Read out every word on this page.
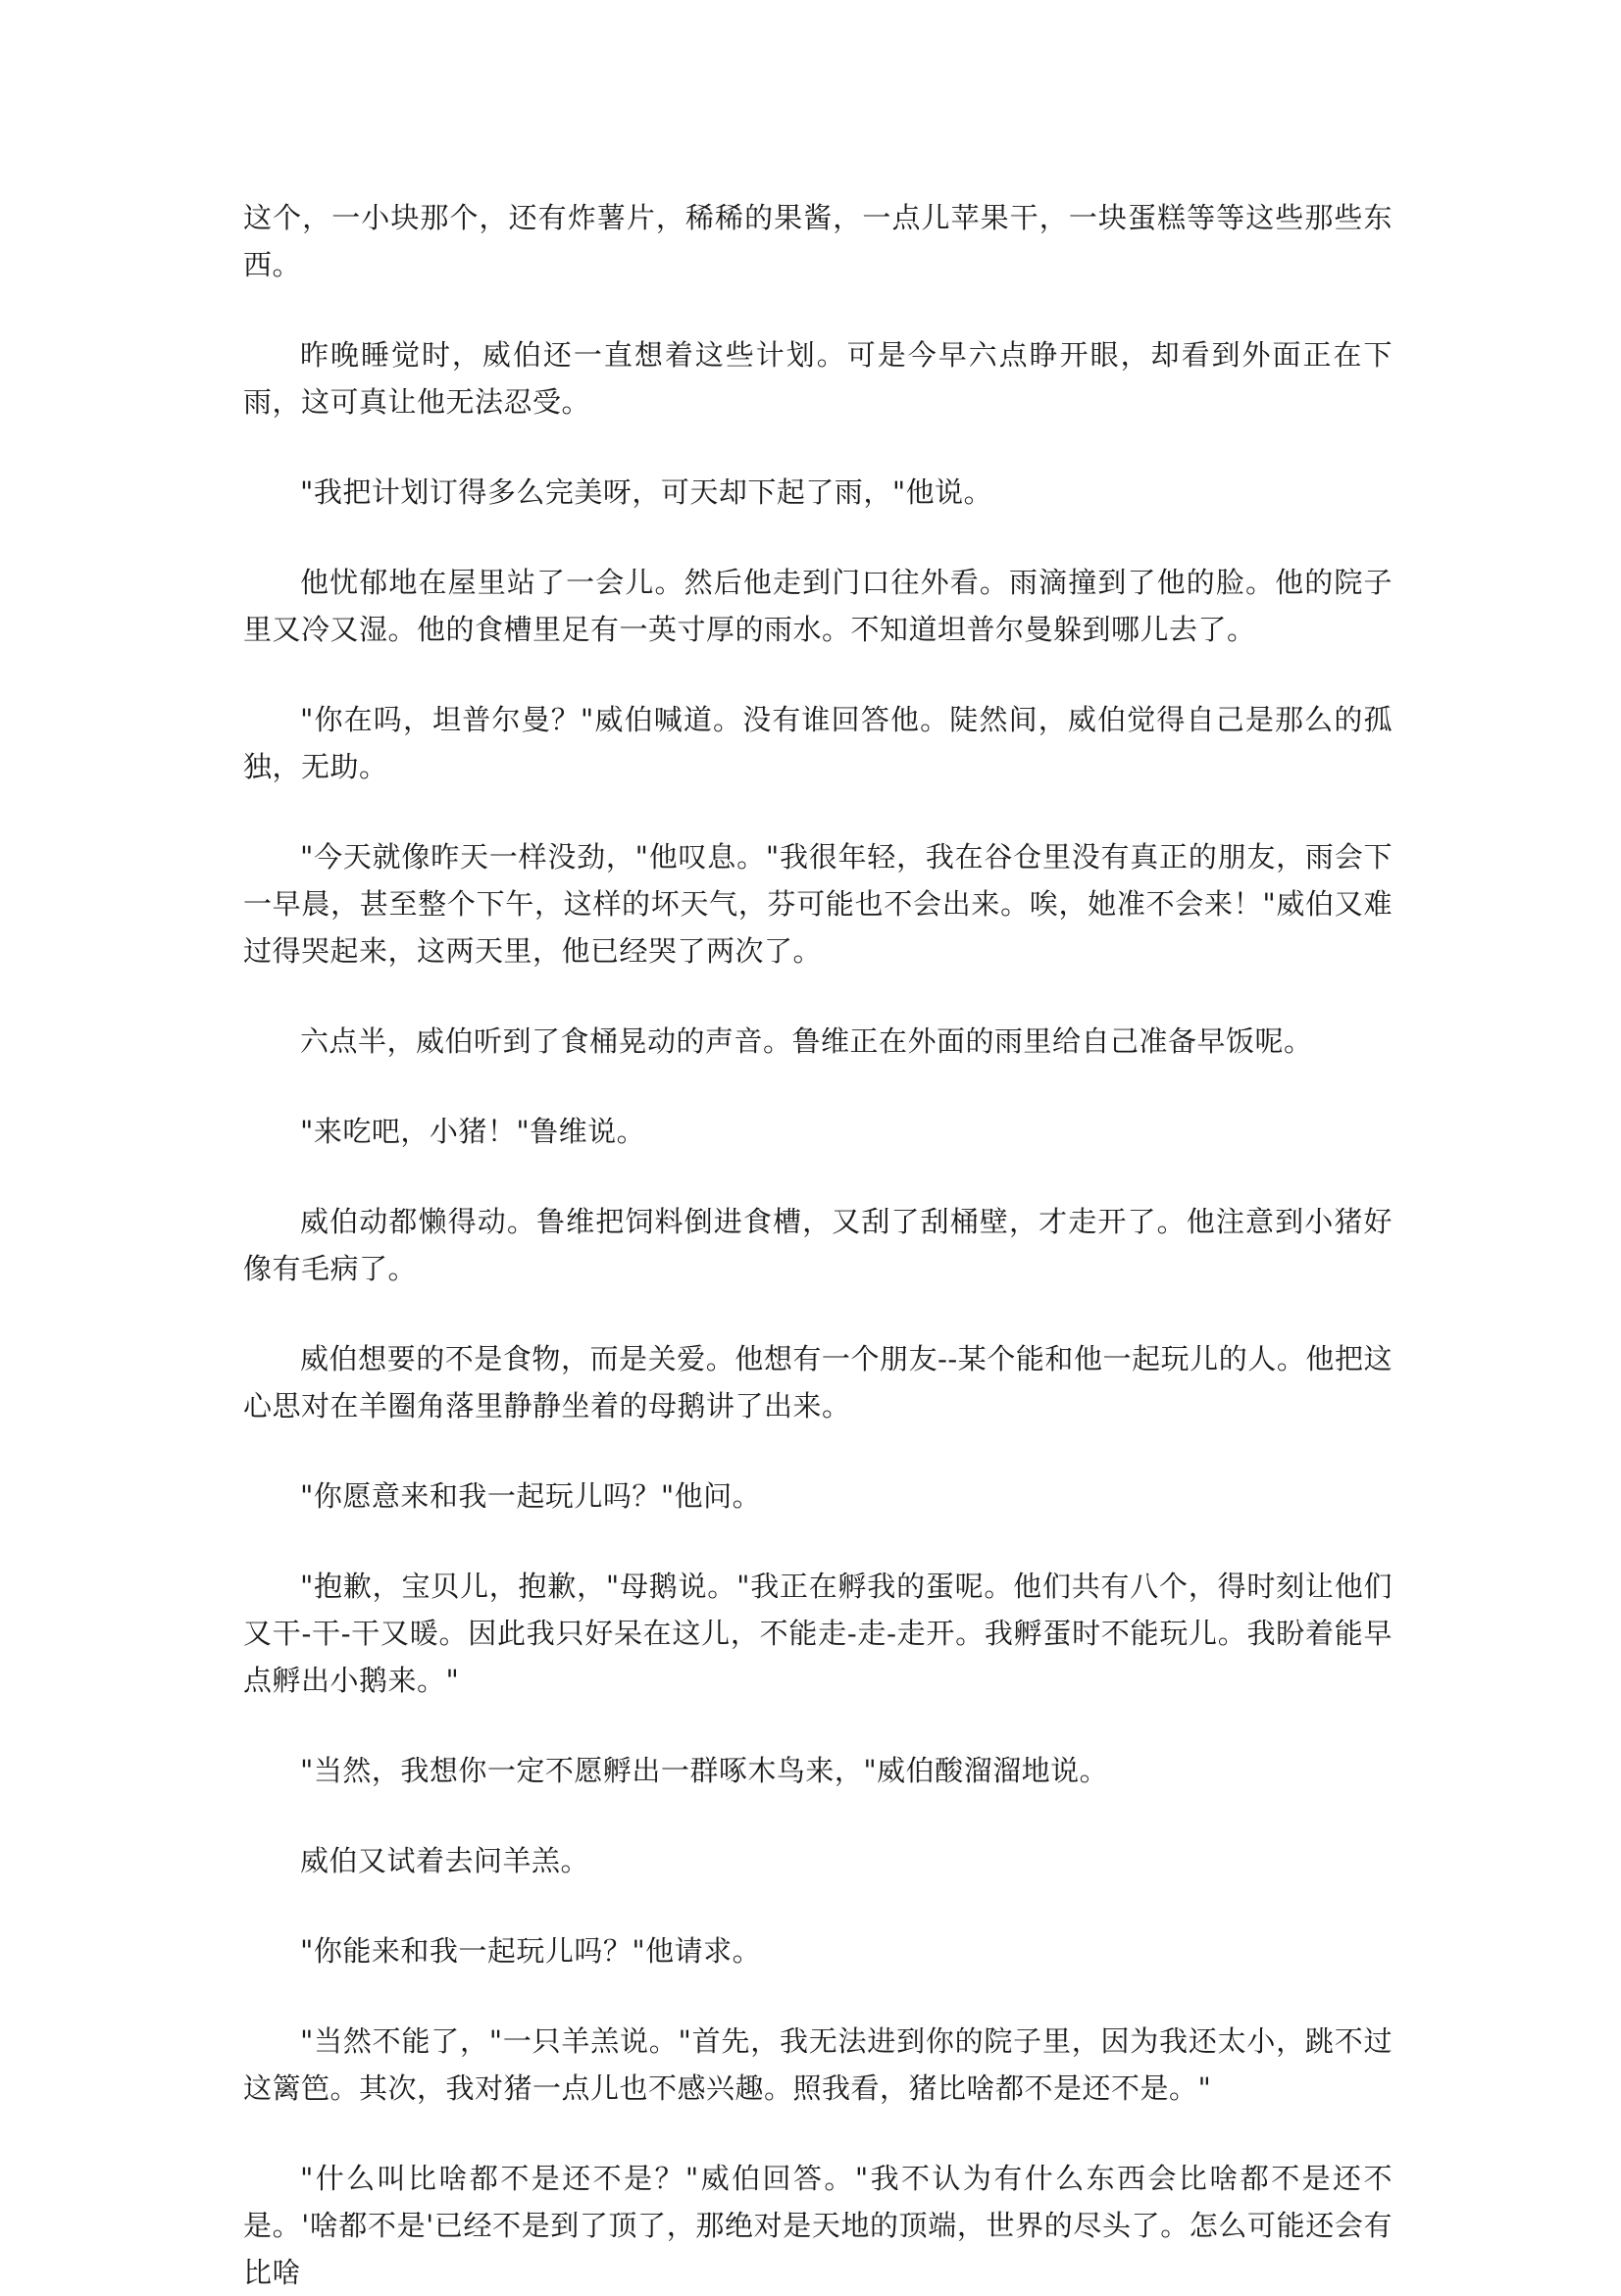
这个，一小块那个，还有炸薯片，稀稀的果酱，一点儿苹果干，一块蛋糕等等这些那些东西。

昨晚睡觉时，威伯还一直想着这些计划。可是今早六点睁开眼，却看到外面正在下雨，这可真让他无法忍受。

"我把计划订得多么完美呀，可天却下起了雨，"他说。

他忧郁地在屋里站了一会儿。然后他走到门口往外看。雨滴撞到了他的脸。他的院子里又冷又湿。他的食槽里足有一英寸厚的雨水。不知道坦普尔曼躲到哪儿去了。

"你在吗，坦普尔曼？"威伯喊道。没有谁回答他。陡然间，威伯觉得自己是那么的孤独，无助。

"今天就像昨天一样没劲，"他叹息。"我很年轻，我在谷仓里没有真正的朋友，雨会下一早晨，甚至整个下午，这样的坏天气，芬可能也不会出来。唉，她准不会来！"威伯又难过得哭起来，这两天里，他已经哭了两次了。

六点半，威伯听到了食桶晃动的声音。鲁维正在外面的雨里给自己准备早饭呢。

"来吃吧，小猪！"鲁维说。

威伯动都懒得动。鲁维把饲料倒进食槽，又刮了刮桶壁，才走开了。他注意到小猪好像有毛病了。

威伯想要的不是食物，而是关爱。他想有一个朋友--某个能和他一起玩儿的人。他把这心思对在羊圈角落里静静坐着的母鹅讲了出来。

"你愿意来和我一起玩儿吗？"他问。

"抱歉，宝贝儿，抱歉，"母鹅说。"我正在孵我的蛋呢。他们共有八个，得时刻让他们又干-干-干又暖。因此我只好呆在这儿，不能走-走-走开。我孵蛋时不能玩儿。我盼着能早点孵出小鹅来。"

"当然，我想你一定不愿孵出一群啄木鸟来，"威伯酸溜溜地说。

威伯又试着去问羊羔。

"你能来和我一起玩儿吗？"他请求。

"当然不能了，"一只羊羔说。"首先，我无法进到你的院子里，因为我还太小，跳不过这篱笆。其次，我对猪一点儿也不感兴趣。照我看，猪比啥都不是还不是。"

"什么叫比啥都不是还不是？"威伯回答。"我不认为有什么东西会比啥都不是还不是。'啥都不是'已经不是到了顶了，那绝对是天地的顶端，世界的尽头了。怎么可能还会有比啥
